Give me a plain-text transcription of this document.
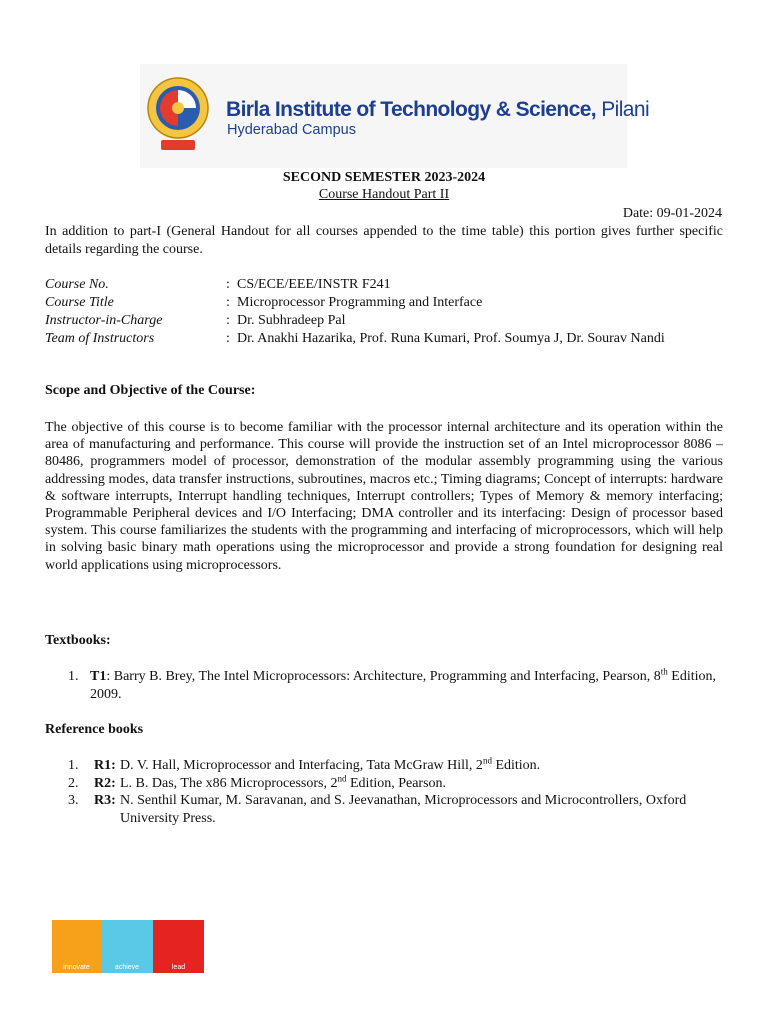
Birla Institute of Technology & Science, Pilani
Hyderabad Campus
SECOND SEMESTER 2023-2024
Course Handout Part II
Date: 09-01-2024
In addition to part-I (General Handout for all courses appended to the time table) this portion gives further specific details regarding the course.
Course No.	: CS/ECE/EEE/INSTR F241
Course Title	: Microprocessor Programming and Interface
Instructor-in-Charge	: Dr. Subhradeep Pal
Team of Instructors	: Dr. Anakhi Hazarika, Prof. Runa Kumari, Prof. Soumya J, Dr. Sourav Nandi
Scope and Objective of the Course:
The objective of this course is to become familiar with the processor internal architecture and its operation within the area of manufacturing and performance. This course will provide the instruction set of an Intel microprocessor 8086 – 80486, programmers model of processor, demonstration of the modular assembly programming using the various addressing modes, data transfer instructions, subroutines, macros etc.; Timing diagrams; Concept of interrupts: hardware & software interrupts, Interrupt handling techniques, Interrupt controllers; Types of Memory & memory interfacing; Programmable Peripheral devices and I/O Interfacing; DMA controller and its interfacing: Design of processor based system. This course familiarizes the students with the programming and interfacing of microprocessors, which will help in solving basic binary math operations using the microprocessor and provide a strong foundation for designing real world applications using microprocessors.
Textbooks:
1. T1: Barry B. Brey, The Intel Microprocessors: Architecture, Programming and Interfacing, Pearson, 8th Edition, 2009.
Reference books
1. R1: D. V. Hall, Microprocessor and Interfacing, Tata McGraw Hill, 2nd Edition.
2. R2: L. B. Das, The x86 Microprocessors, 2nd Edition, Pearson.
3. R3: N. Senthil Kumar, M. Saravanan, and S. Jeevanathan, Microprocessors and Microcontrollers, Oxford University Press.
innovate	achieve	lead
